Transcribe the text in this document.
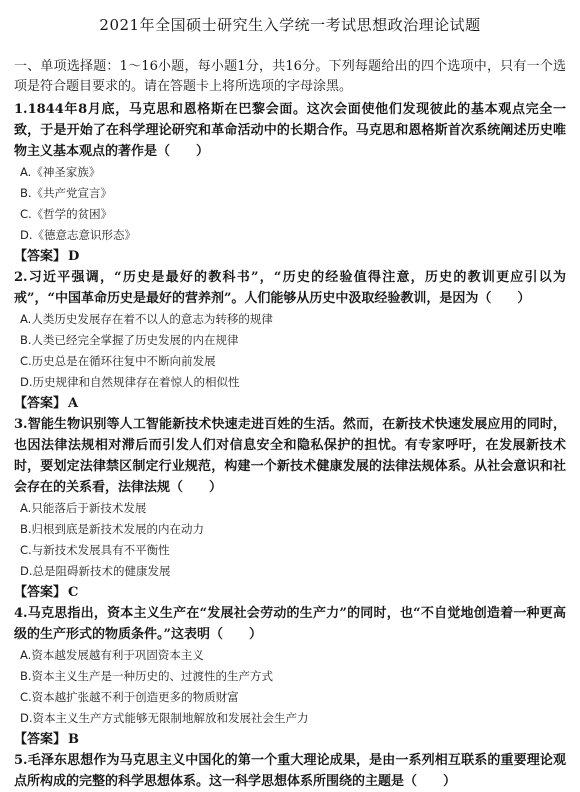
2021年全国硕士研究生入学统一考试思想政治理论试题

一、单项选择题：1～16小题，每小题1分，共16分。下列每题给出的四个选项中，只有一个选项是符合题目要求的。请在答题卡上将所选项的字母涂黑。

1.1844年8月底，马克思和恩格斯在巴黎会面。这次会面使他们发现彼此的基本观点完全一致，于是开始了在科学理论研究和革命活动中的长期合作。马克思和恩格斯首次系统阐述历史唯物主义基本观点的著作是（　　）

A.《神圣家族》

B.《共产党宣言》

C.《哲学的贫困》

D.《德意志意识形态》

【答案】 D

2.习近平强调，“历史是最好的教科书”，“历史的经验值得注意，历史的教训更应引以为戒”，“中国革命历史是最好的营养剂”。人们能够从历史中汲取经验教训，是因为（　　）

A.人类历史发展存在着不以人的意志为转移的规律

B.人类已经完全掌握了历史发展的内在规律

C.历史总是在循环往复中不断向前发展

D.历史规律和自然规律存在着惊人的相似性

【答案】 A

3.智能生物识别等人工智能新技术快速走进百姓的生活。然而，在新技术快速发展应用的同时，也因法律法规相对滞后而引发人们对信息安全和隐私保护的担忧。有专家呼吁，在发展新技术时，要划定法律禁区制定行业规范，构建一个新技术健康发展的法律法规体系。从社会意识和社会存在的关系看，法律法规（　　）

A.只能落后于新技术发展

B.归根到底是新技术发展的内在动力

C.与新技术发展具有不平衡性

D.总是阻碍新技术的健康发展

【答案】 C

4.马克思指出，资本主义生产在“发展社会劳动的生产力”的同时，也“不自觉地创造着一种更高级的生产形式的物质条件。”这表明（　　）

A.资本越发展越有利于巩固资本主义

B.资本主义生产是一种历史的、过渡性的生产方式

C.资本越扩张越不利于创造更多的物质财富

D.资本主义生产方式能够无限制地解放和发展社会生产力

【答案】 B

5.毛泽东思想作为马克思主义中国化的第一个重大理论成果，是由一系列相互联系的重要理论观点所构成的完整的科学思想体系。这一科学思想体系所围绕的主题是（　　）
